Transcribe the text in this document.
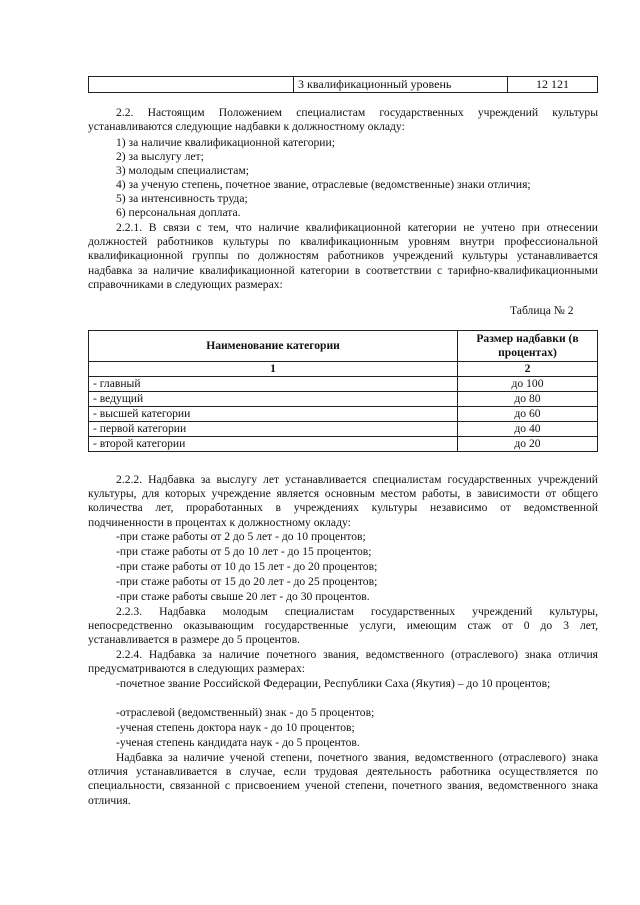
	3 квалификационный уровень	12 121
2.2. Настоящим Положением специалистам государственных учреждений культуры устанавливаются следующие надбавки к должностному окладу:
1) за наличие квалификационной категории;
2) за выслугу лет;
3) молодым специалистам;
4) за ученую степень, почетное звание, отраслевые (ведомственные) знаки отличия;
5) за интенсивность труда;
6) персональная доплата.
2.2.1. В связи с тем, что наличие квалификационной категории не учтено при отнесении должностей работников культуры по квалификационным уровням внутри профессиональной квалификационной группы по должностям работников учреждений культуры устанавливается надбавка за наличие квалификационной категории в соответствии с тарифно-квалификационными справочниками в следующих размерах:
Таблица № 2
Наименование категории	Размер надбавки (в процентах)
1	2
- главный	до 100
- ведущий	до 80
- высшей категории	до 60
- первой категории	до 40
- второй категории	до 20
2.2.2. Надбавка за выслугу лет устанавливается специалистам государственных учреждений культуры, для которых учреждение является основным местом работы, в зависимости от общего количества лет, проработанных в учреждениях культуры независимо от ведомственной подчиненности в процентах к должностному окладу:
-при стаже работы от 2 до 5 лет - до 10 процентов;
-при стаже работы от 5 до 10 лет - до 15 процентов;
-при стаже работы от 10 до 15 лет - до 20 процентов;
-при стаже работы от 15 до 20 лет - до 25 процентов;
-при стаже работы свыше 20 лет - до 30 процентов.
2.2.3. Надбавка молодым специалистам государственных учреждений культуры, непосредственно оказывающим государственные услуги, имеющим стаж от 0 до 3 лет, устанавливается в размере до 5 процентов.
2.2.4. Надбавка за наличие почетного звания, ведомственного (отраслевого) знака отличия предусматриваются в следующих размерах:
-почетное звание Российской Федерации, Республики Саха (Якутия) – до 10 процентов;
-отраслевой (ведомственный) знак - до 5 процентов;
-ученая степень доктора наук - до 10 процентов;
-ученая степень кандидата наук - до 5 процентов.
Надбавка за наличие ученой степени, почетного звания, ведомственного (отраслевого) знака отличия устанавливается в случае, если трудовая деятельность работника осуществляется по специальности, связанной с присвоением ученой степени, почетного звания, ведомственного знака отличия.
